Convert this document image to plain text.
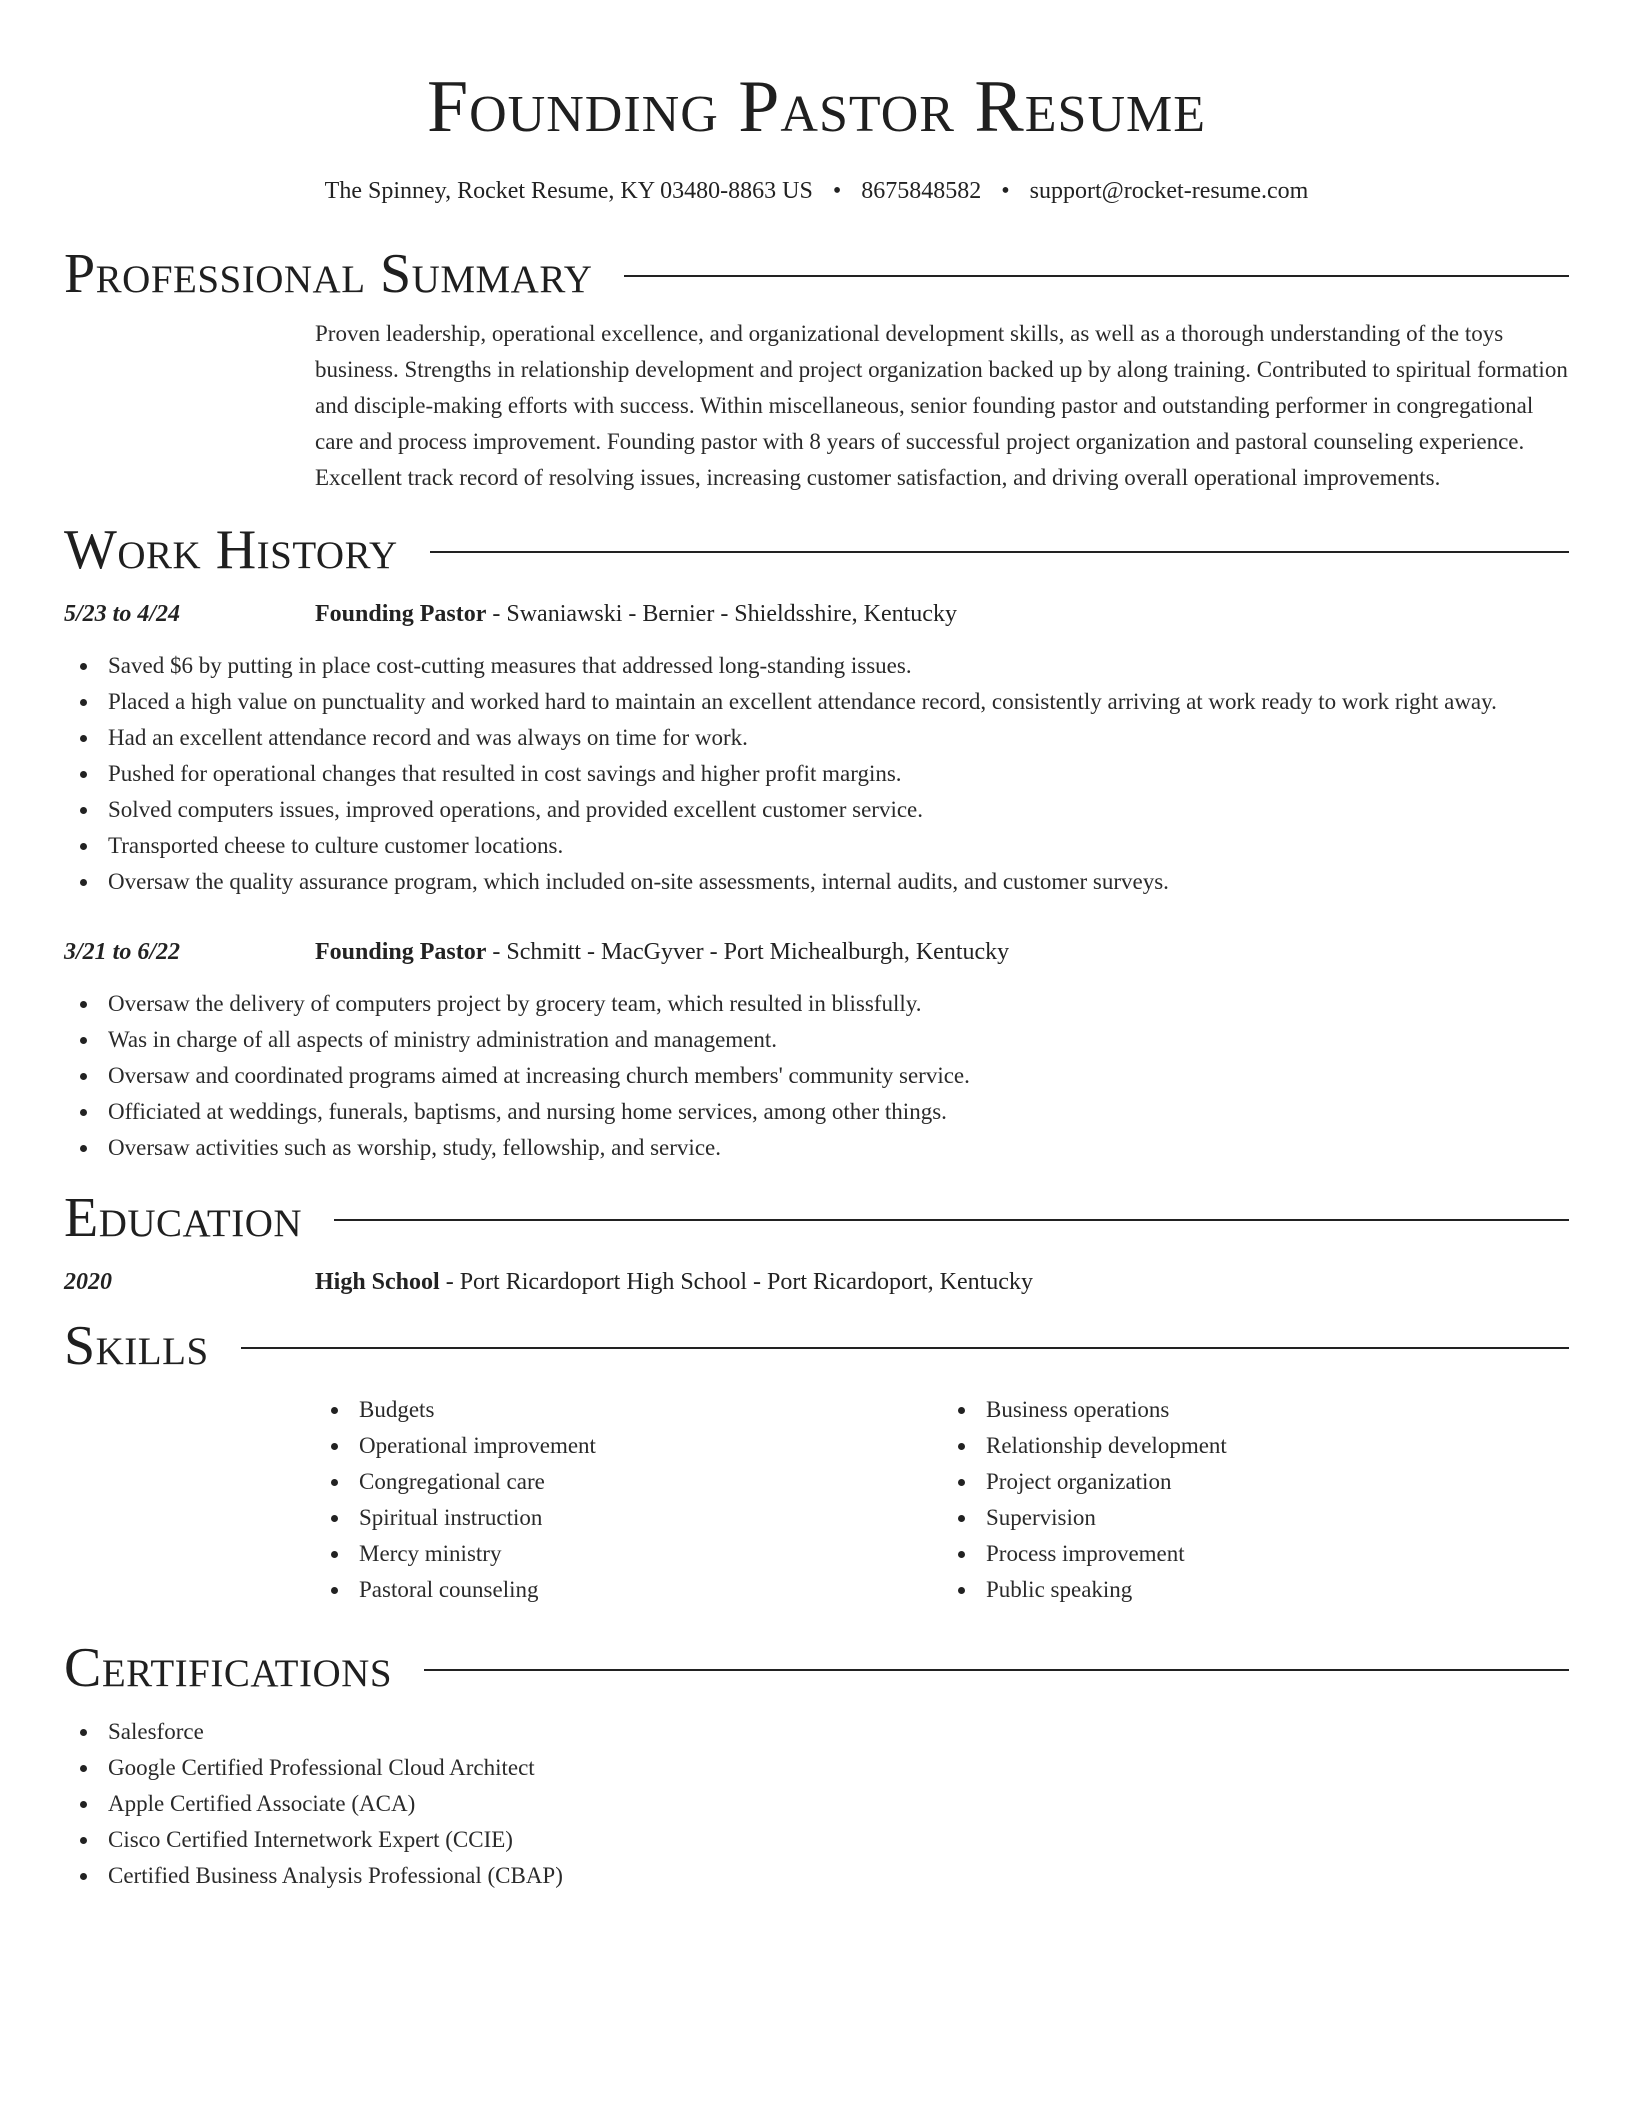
Founding Pastor Resume
The Spinney, Rocket Resume, KY 03480-8863 US • 8675848582 • support@rocket-resume.com
Professional Summary
Proven leadership, operational excellence, and organizational development skills, as well as a thorough understanding of the toys business. Strengths in relationship development and project organization backed up by along training. Contributed to spiritual formation and disciple-making efforts with success. Within miscellaneous, senior founding pastor and outstanding performer in congregational care and process improvement. Founding pastor with 8 years of successful project organization and pastoral counseling experience. Excellent track record of resolving issues, increasing customer satisfaction, and driving overall operational improvements.
Work History
5/23 to 4/24	Founding Pastor - Swaniawski - Bernier - Shieldsshire, Kentucky
Saved $6 by putting in place cost-cutting measures that addressed long-standing issues.
Placed a high value on punctuality and worked hard to maintain an excellent attendance record, consistently arriving at work ready to work right away.
Had an excellent attendance record and was always on time for work.
Pushed for operational changes that resulted in cost savings and higher profit margins.
Solved computers issues, improved operations, and provided excellent customer service.
Transported cheese to culture customer locations.
Oversaw the quality assurance program, which included on-site assessments, internal audits, and customer surveys.
3/21 to 6/22	Founding Pastor - Schmitt - MacGyver - Port Michealburgh, Kentucky
Oversaw the delivery of computers project by grocery team, which resulted in blissfully.
Was in charge of all aspects of ministry administration and management.
Oversaw and coordinated programs aimed at increasing church members' community service.
Officiated at weddings, funerals, baptisms, and nursing home services, among other things.
Oversaw activities such as worship, study, fellowship, and service.
Education
2020	High School - Port Ricardoport High School - Port Ricardoport, Kentucky
Skills
Budgets
Operational improvement
Congregational care
Spiritual instruction
Mercy ministry
Pastoral counseling
Business operations
Relationship development
Project organization
Supervision
Process improvement
Public speaking
Certifications
Salesforce
Google Certified Professional Cloud Architect
Apple Certified Associate (ACA)
Cisco Certified Internetwork Expert (CCIE)
Certified Business Analysis Professional (CBAP)
